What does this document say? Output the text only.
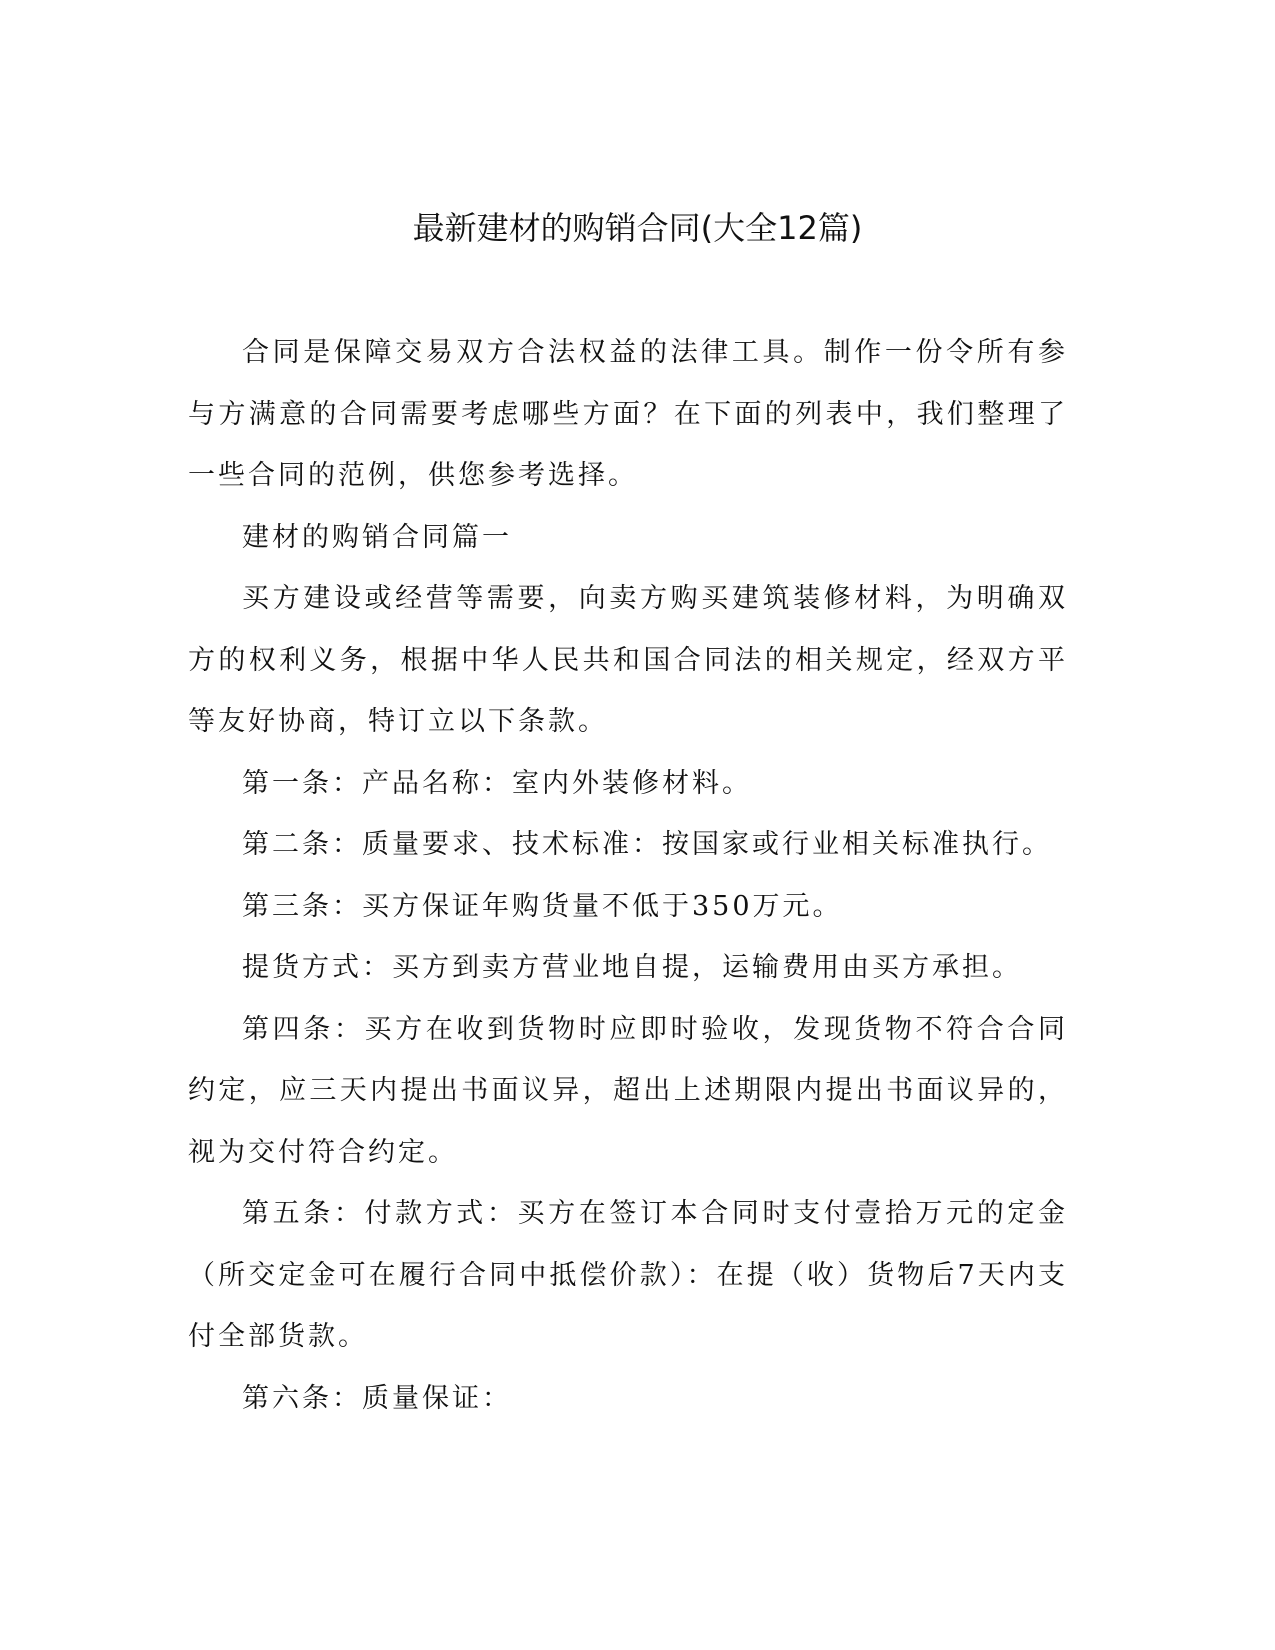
最新建材的购销合同(大全12篇)

合同是保障交易双方合法权益的法律工具。制作一份令所有参与方满意的合同需要考虑哪些方面？在下面的列表中，我们整理了一些合同的范例，供您参考选择。

建材的购销合同篇一

买方建设或经营等需要，向卖方购买建筑装修材料，为明确双方的权利义务，根据中华人民共和国合同法的相关规定，经双方平等友好协商，特订立以下条款。

第一条：产品名称：室内外装修材料。

第二条：质量要求、技术标准：按国家或行业相关标准执行。

第三条：买方保证年购货量不低于350万元。

提货方式：买方到卖方营业地自提，运输费用由买方承担。

第四条：买方在收到货物时应即时验收，发现货物不符合合同约定，应三天内提出书面议异，超出上述期限内提出书面议异的，视为交付符合约定。

第五条：付款方式：买方在签订本合同时支付壹拾万元的定金（所交定金可在履行合同中抵偿价款）：在提（收）货物后7天内支付全部货款。

第六条：质量保证：
